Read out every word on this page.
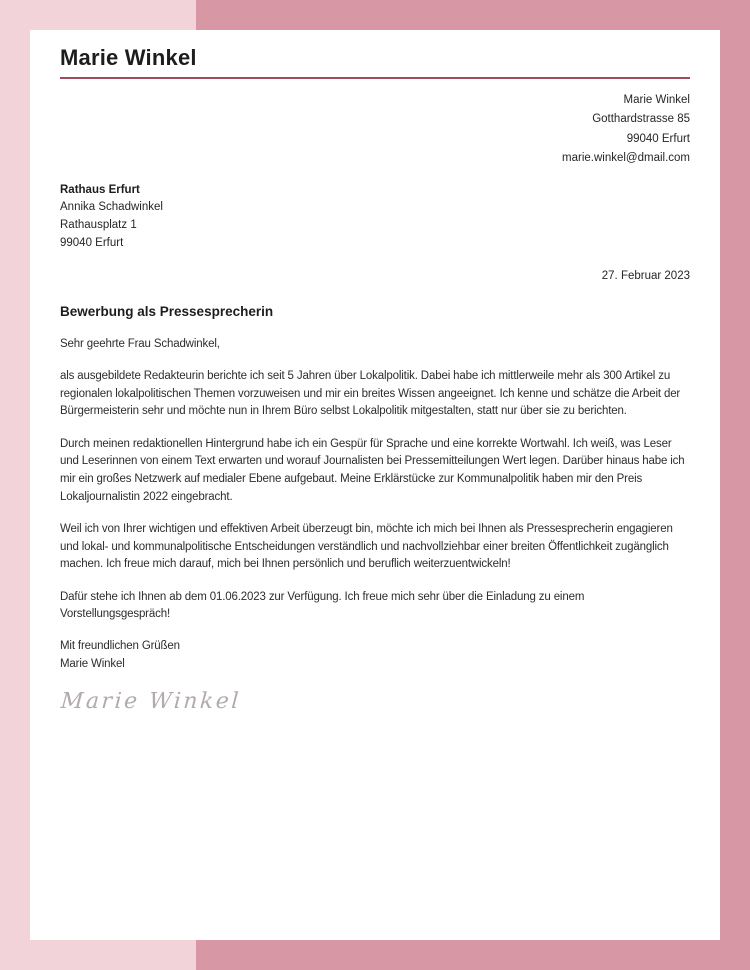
Marie Winkel
Marie Winkel
Gotthardstrasse 85
99040 Erfurt
marie.winkel@dmail.com
Rathaus Erfurt
Annika Schadwinkel
Rathausplatz 1
99040 Erfurt
27. Februar 2023
Bewerbung als Pressesprecherin
Sehr geehrte Frau Schadwinkel,
als ausgebildete Redakteurin berichte ich seit 5 Jahren über Lokalpolitik. Dabei habe ich mittlerweile mehr als 300 Artikel zu regionalen lokalpolitischen Themen vorzuweisen und mir ein breites Wissen angeeignet. Ich kenne und schätze die Arbeit der Bürgermeisterin sehr und möchte nun in Ihrem Büro selbst Lokalpolitik mitgestalten, statt nur über sie zu berichten.
Durch meinen redaktionellen Hintergrund habe ich ein Gespür für Sprache und eine korrekte Wortwahl. Ich weiß, was Leser und Leserinnen von einem Text erwarten und worauf Journalisten bei Pressemitteilungen Wert legen. Darüber hinaus habe ich mir ein großes Netzwerk auf medialer Ebene aufgebaut. Meine Erklärstücke zur Kommunalpolitik haben mir den Preis Lokaljournalistin 2022 eingebracht.
Weil ich von Ihrer wichtigen und effektiven Arbeit überzeugt bin, möchte ich mich bei Ihnen als Pressesprecherin engagieren und lokal- und kommunalpolitische Entscheidungen verständlich und nachvollziehbar einer breiten Öffentlichkeit zugänglich machen. Ich freue mich darauf, mich bei Ihnen persönlich und beruflich weiterzuentwickeln!
Dafür stehe ich Ihnen ab dem 01.06.2023 zur Verfügung. Ich freue mich sehr über die Einladung zu einem Vorstellungsgespräch!
Mit freundlichen Grüßen
Marie Winkel
Marie Winkel
